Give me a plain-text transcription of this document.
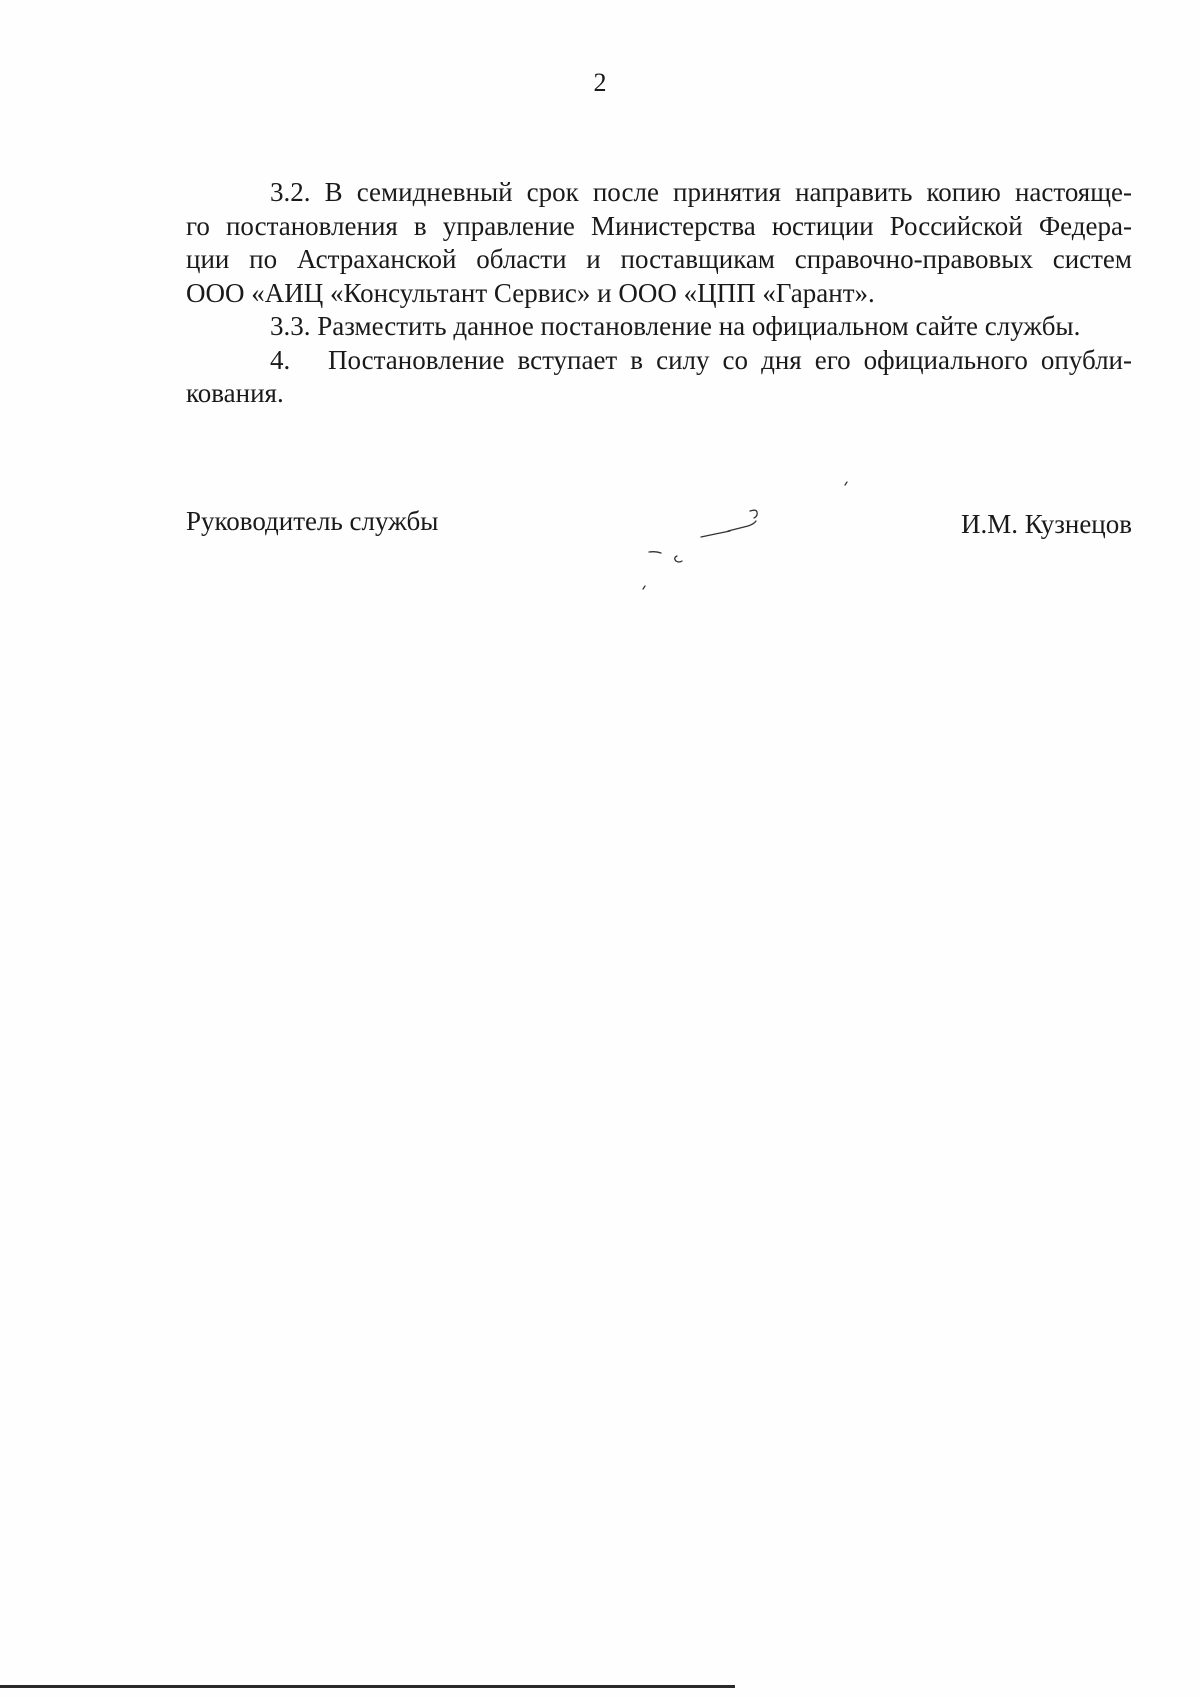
2
3.2. В семидневный срок после принятия направить копию настояще-
го постановления в управление Министерства юстиции Российской Федера-
ции по Астраханской области и поставщикам справочно-правовых систем
ООО «АИЦ «Консультант Сервис» и ООО «ЦПП «Гарант».
3.3. Разместить данное постановление на официальном сайте службы.
4.	Постановление вступает в силу со дня его официального опубли-
кования.
Руководитель службы	И.М. Кузнецов
